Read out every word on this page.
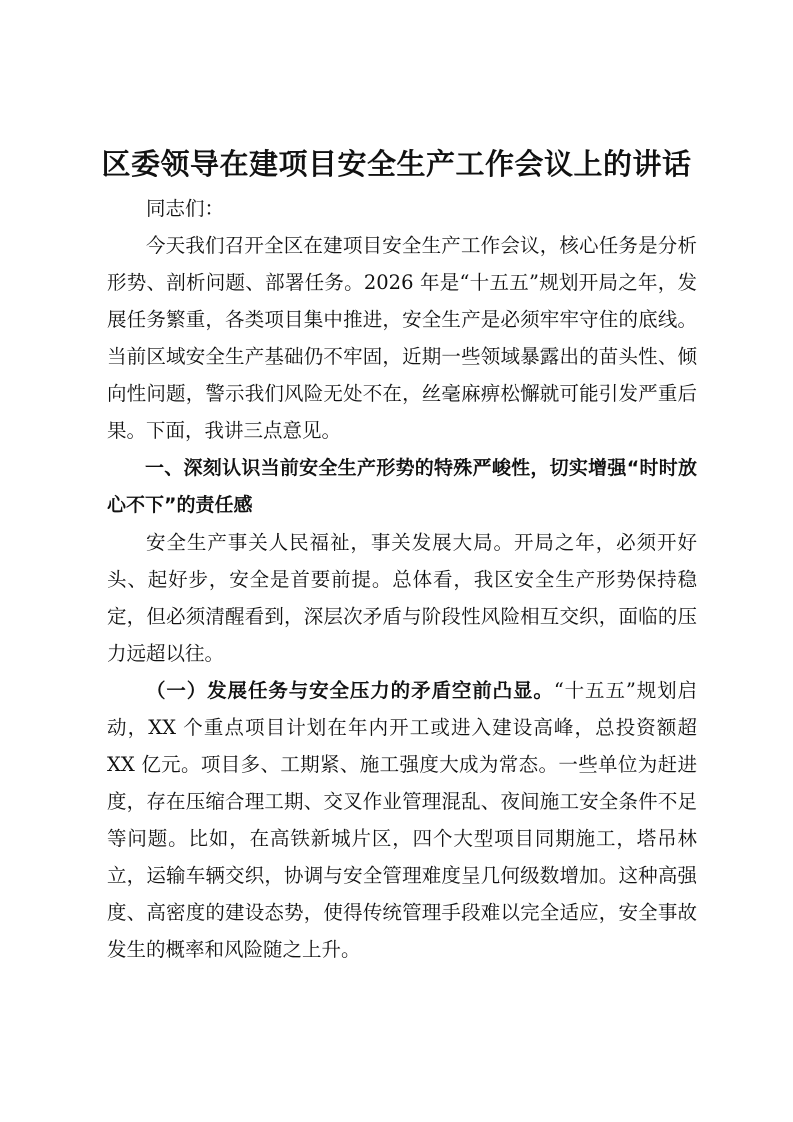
区委领导在建项目安全生产工作会议上的讲话

同志们：

今天我们召开全区在建项目安全生产工作会议，核心任务是分析形势、剖析问题、部署任务。2026 年是“十五五”规划开局之年，发展任务繁重，各类项目集中推进，安全生产是必须牢牢守住的底线。当前区域安全生产基础仍不牢固，近期一些领域暴露出的苗头性、倾向性问题，警示我们风险无处不在，丝毫麻痹松懈就可能引发严重后果。下面，我讲三点意见。

一、深刻认识当前安全生产形势的特殊严峻性，切实增强“时时放心不下”的责任感

安全生产事关人民福祉，事关发展大局。开局之年，必须开好头、起好步，安全是首要前提。总体看，我区安全生产形势保持稳定，但必须清醒看到，深层次矛盾与阶段性风险相互交织，面临的压力远超以往。

（一）发展任务与安全压力的矛盾空前凸显。“十五五”规划启动，XX 个重点项目计划在年内开工或进入建设高峰，总投资额超 XX 亿元。项目多、工期紧、施工强度大成为常态。一些单位为赶进度，存在压缩合理工期、交叉作业管理混乱、夜间施工安全条件不足等问题。比如，在高铁新城片区，四个大型项目同期施工，塔吊林立，运输车辆交织，协调与安全管理难度呈几何级数增加。这种高强度、高密度的建设态势，使得传统管理手段难以完全适应，安全事故发生的概率和风险随之上升。
